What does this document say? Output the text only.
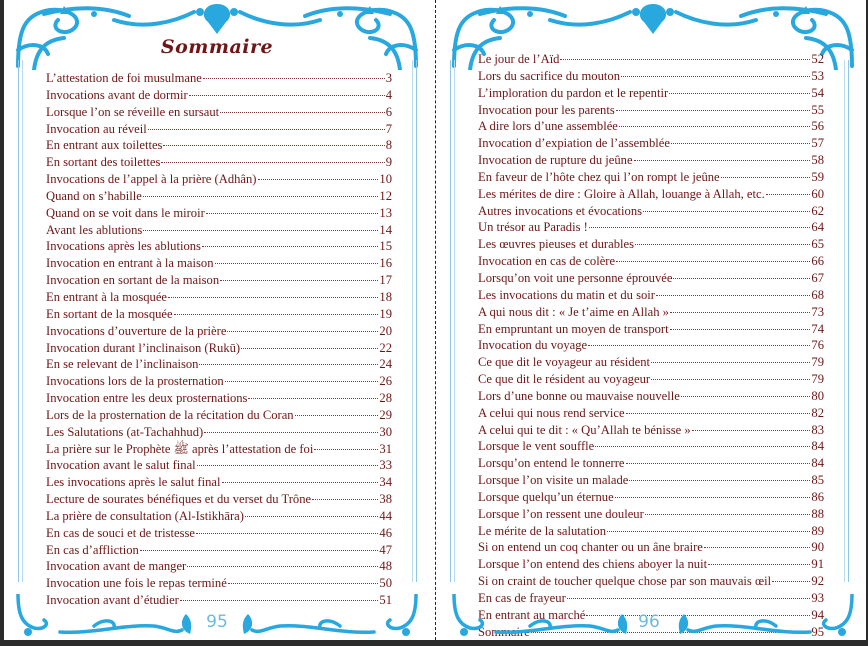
Sommaire
L’attestation de foi musulmane	3
Invocations avant de dormir	4
Lorsque l’on se réveille en sursaut	6
Invocation au réveil	7
En entrant aux toilettes	8
En sortant des toilettes	9
Invocations de l’appel à la prière (Adhân)	10
Quand on s’habille	12
Quand on se voit dans le miroir	13
Avant les ablutions	14
Invocations après les ablutions	15
Invocation en entrant à la maison	16
Invocation en sortant de la maison	17
En entrant à la mosquée	18
En sortant de la mosquée	19
Invocations d’ouverture de la prière	20
Invocation durant l’inclinaison (Rukū)	22
En se relevant de l’inclinaison	24
Invocations lors de la prosternation	26
Invocation entre les deux prosternations	28
Lors de la prosternation de la récitation du Coran	29
Les Salutations (at-Tachahhud)	30
La prière sur le Prophète ﷺ après l’attestation de foi	31
Invocation avant le salut final	33
Les invocations après le salut final	34
Lecture de sourates bénéfiques et du verset du Trône	38
La prière de consultation (Al-Istikhāra)	44
En cas de souci et de tristesse	46
En cas d’affliction	47
Invocation avant de manger	48
Invocation une fois le repas terminé	50
Invocation avant d’étudier	51
95
Le jour de l’Aïd	52
Lors du sacrifice du mouton	53
L’imploration du pardon et le repentir	54
Invocation pour les parents	55
A dire lors d’une assemblée	56
Invocation d’expiation de l’assemblée	57
Invocation de rupture du jeûne	58
En faveur de l’hôte chez qui l’on rompt le jeûne	59
Les mérites de dire : Gloire à Allah, louange à Allah, etc.	60
Autres invocations et évocations	62
Un trésor au Paradis !	64
Les œuvres pieuses et durables	65
Invocation en cas de colère	66
Lorsqu’on voit une personne éprouvée	67
Les invocations du matin et du soir	68
A qui nous dit : « Je t’aime en Allah »	73
En empruntant un moyen de transport	74
Invocation du voyage	76
Ce que dit le voyageur au résident	79
Ce que dit le résident au voyageur	79
Lors d’une bonne ou mauvaise nouvelle	80
A celui qui nous rend service	82
A celui qui te dit : « Qu’Allah te bénisse »	83
Lorsque le vent souffle	84
Lorsqu’on entend le tonnerre	84
Lorsque l’on visite un malade	85
Lorsque quelqu’un éternue	86
Lorsque l’on ressent une douleur	88
Le mérite de la salutation	89
Si on entend un coq chanter ou un âne braire	90
Lorsque l’on entend des chiens aboyer la nuit	91
Si on craint de toucher quelque chose par son mauvais œil	92
En cas de frayeur	93
En entrant au marché	94
Sommaire	95
96
